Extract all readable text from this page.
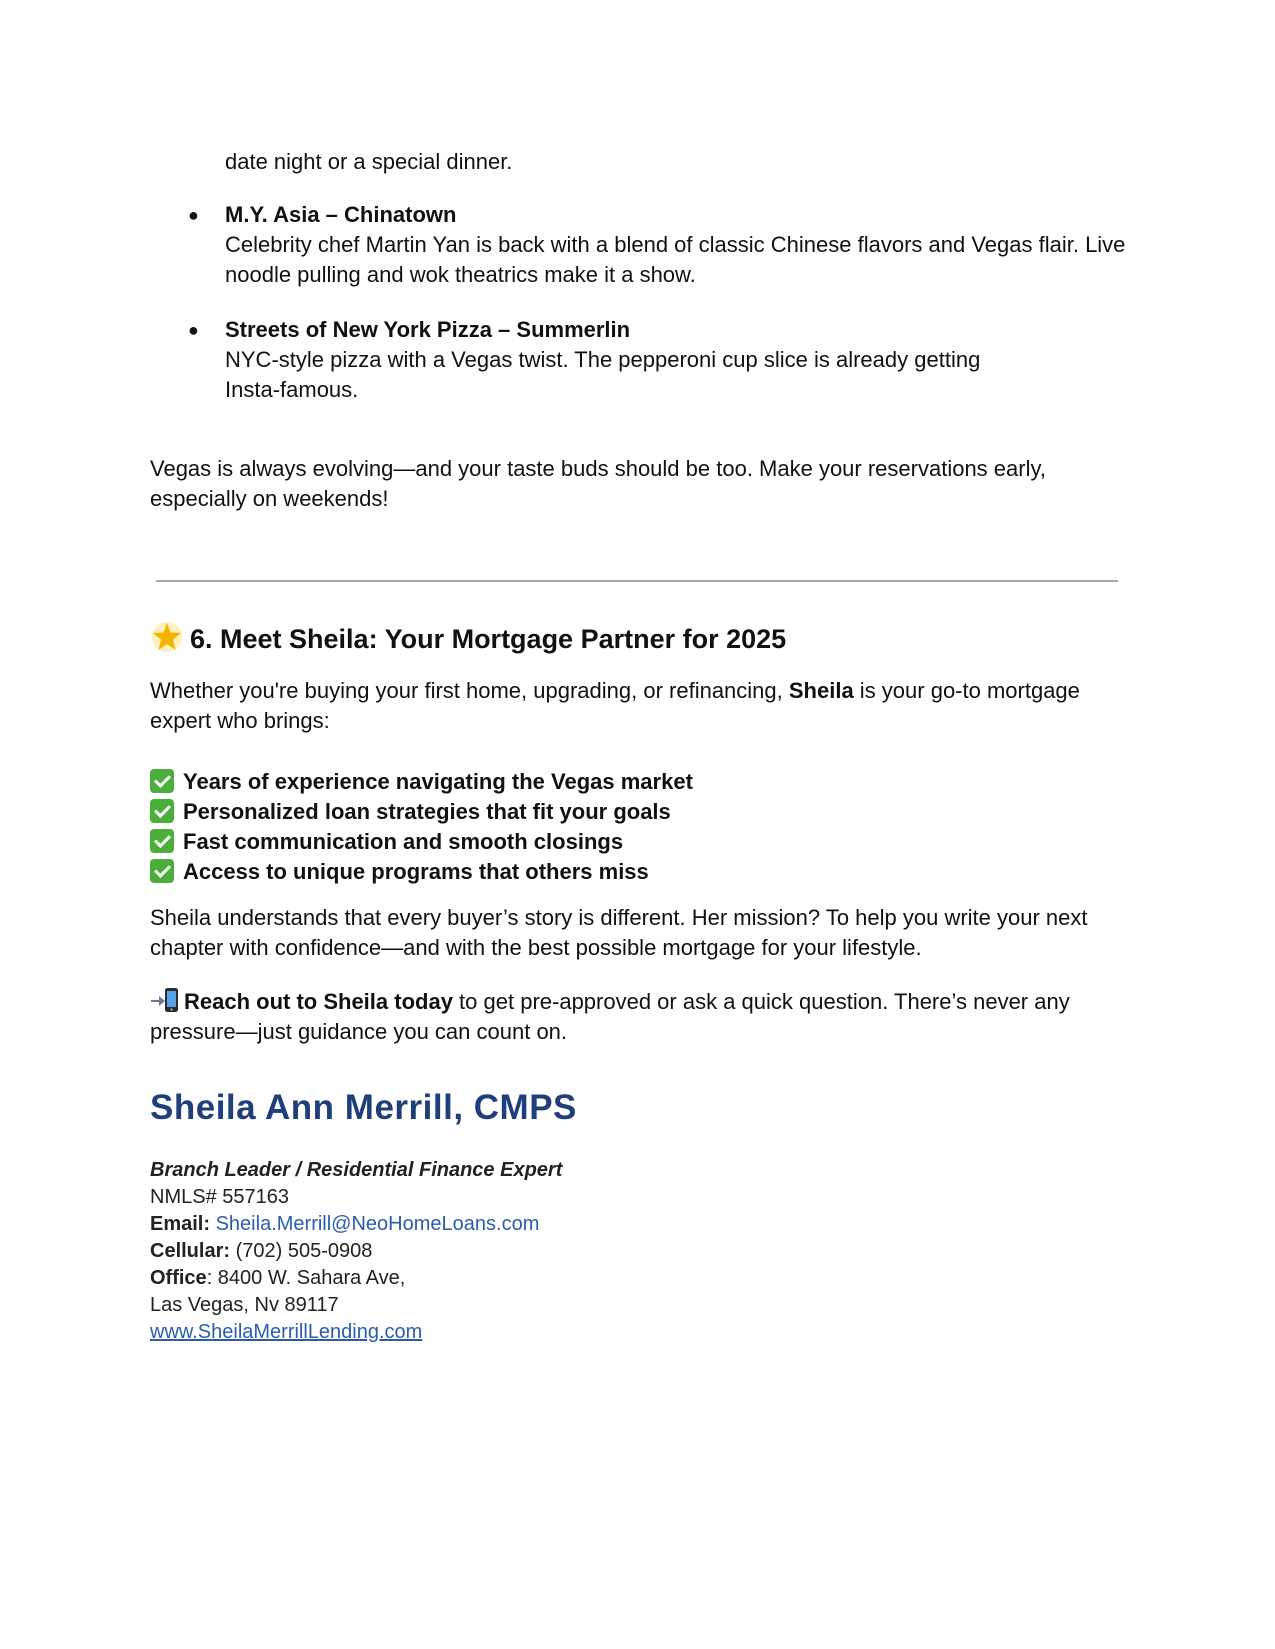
date night or a special dinner.

● M.Y. Asia – Chinatown
Celebrity chef Martin Yan is back with a blend of classic Chinese flavors and Vegas flair. Live noodle pulling and wok theatrics make it a show.
● Streets of New York Pizza – Summerlin
NYC-style pizza with a Vegas twist. The pepperoni cup slice is already getting Insta-famous.

Vegas is always evolving—and your taste buds should be too. Make your reservations early, especially on weekends!

6. Meet Sheila: Your Mortgage Partner for 2025

Whether you're buying your first home, upgrading, or refinancing, Sheila is your go-to mortgage expert who brings:

Years of experience navigating the Vegas market
Personalized loan strategies that fit your goals
Fast communication and smooth closings
Access to unique programs that others miss

Sheila understands that every buyer’s story is different. Her mission? To help you write your next chapter with confidence—and with the best possible mortgage for your lifestyle.

Reach out to Sheila today to get pre-approved or ask a quick question. There’s never any pressure—just guidance you can count on.

Sheila Ann Merrill, CMPS
Branch Leader / Residential Finance Expert
NMLS# 557163
Email: Sheila.Merrill@NeoHomeLoans.com
Cellular: (702) 505-0908
Office: 8400 W. Sahara Ave,
Las Vegas, Nv 89117
www.SheilaMerrillLending.com
